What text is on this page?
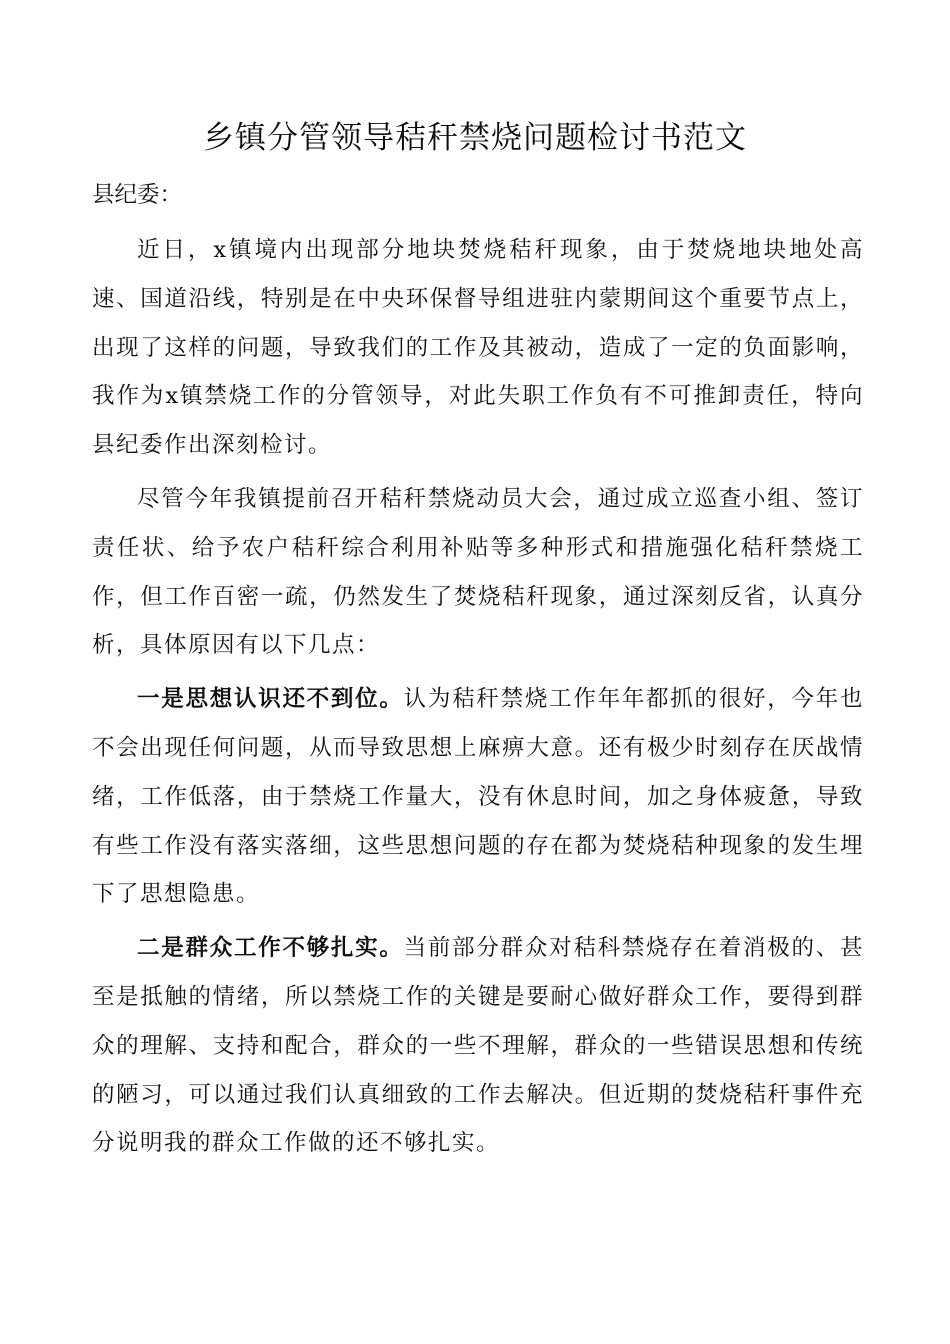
乡镇分管领导秸秆禁烧问题检讨书范文

县纪委：

近日，x镇境内出现部分地块焚烧秸秆现象，由于焚烧地块地处高速、国道沿线，特别是在中央环保督导组进驻内蒙期间这个重要节点上，出现了这样的问题，导致我们的工作及其被动，造成了一定的负面影响，我作为x镇禁烧工作的分管领导，对此失职工作负有不可推卸责任，特向县纪委作出深刻检讨。

尽管今年我镇提前召开秸秆禁烧动员大会，通过成立巡查小组、签订责任状、给予农户秸秆综合利用补贴等多种形式和措施强化秸秆禁烧工作，但工作百密一疏，仍然发生了焚烧秸秆现象，通过深刻反省，认真分析，具体原因有以下几点：

一是思想认识还不到位。认为秸秆禁烧工作年年都抓的很好，今年也不会出现任何问题，从而导致思想上麻痹大意。还有极少时刻存在厌战情绪，工作低落，由于禁烧工作量大，没有休息时间，加之身体疲惫，导致有些工作没有落实落细，这些思想问题的存在都为焚烧秸种现象的发生埋下了思想隐患。

二是群众工作不够扎实。当前部分群众对秸科禁烧存在着消极的、甚至是抵触的情绪，所以禁烧工作的关键是要耐心做好群众工作，要得到群众的理解、支持和配合，群众的一些不理解，群众的一些错误思想和传统的陋习，可以通过我们认真细致的工作去解决。但近期的焚烧秸秆事件充分说明我的群众工作做的还不够扎实。
